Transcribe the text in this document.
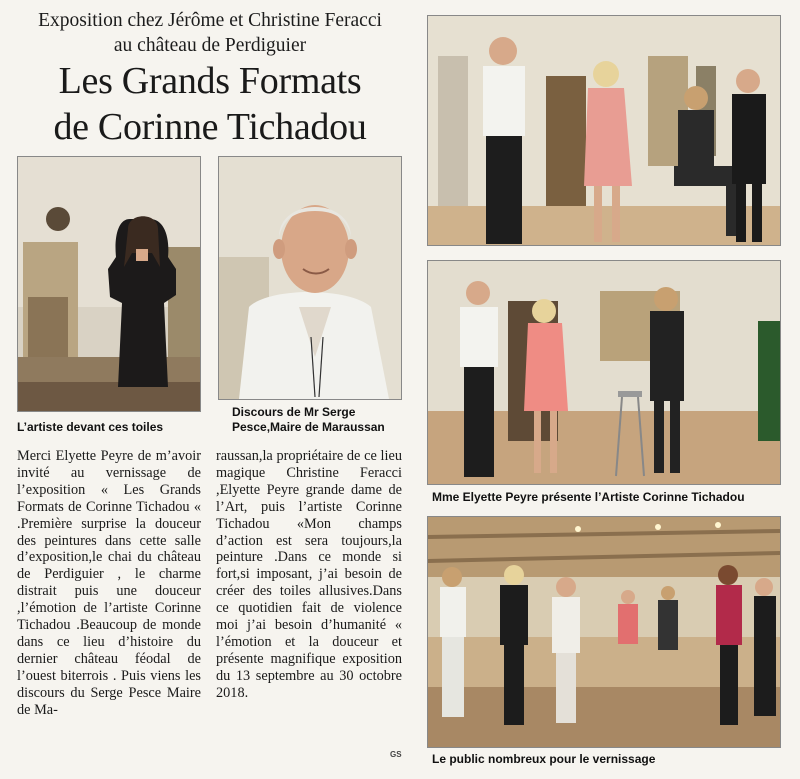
Exposition chez Jérôme et Christine Feracci
au château de Perdiguier
Les Grands Formats
de Corinne Tichadou
L’artiste devant ces toiles
Discours de Mr Serge
Pesce,Maire de Maraussan
Mme Elyette Peyre présente l’Artiste Corinne Tichadou
Le public nombreux pour le vernissage
Merci Elyette Peyre de m’avoir invité au vernissage de l’exposition « Les Grands Formats de Corinne Tichadou « .Première surprise la douceur des peintures dans cette salle d’exposition,le chai du château de Perdiguier , le charme distrait puis une douceur ,l’émotion de l’artiste Corinne Tichadou .Beaucoup de monde dans ce lieu d’histoire du dernier château féodal de l’ouest biterrois . Puis viens les discours du Serge Pesce Maire de Ma-
raussan,la propriétaire de ce lieu magique Christine Feracci ,Elyette Peyre grande dame de l’Art, puis l’artiste Corinne Tichadou «Mon champs d’action est sera toujours,la peinture .Dans ce monde si fort,si imposant, j’ai besoin de créer des toiles allusives.Dans ce quotidien fait de violence moi j’ai besoin d’humanité « l’émotion et la douceur et présente magnifique exposition du 13 septembre au 30 octobre 2018.
GS
